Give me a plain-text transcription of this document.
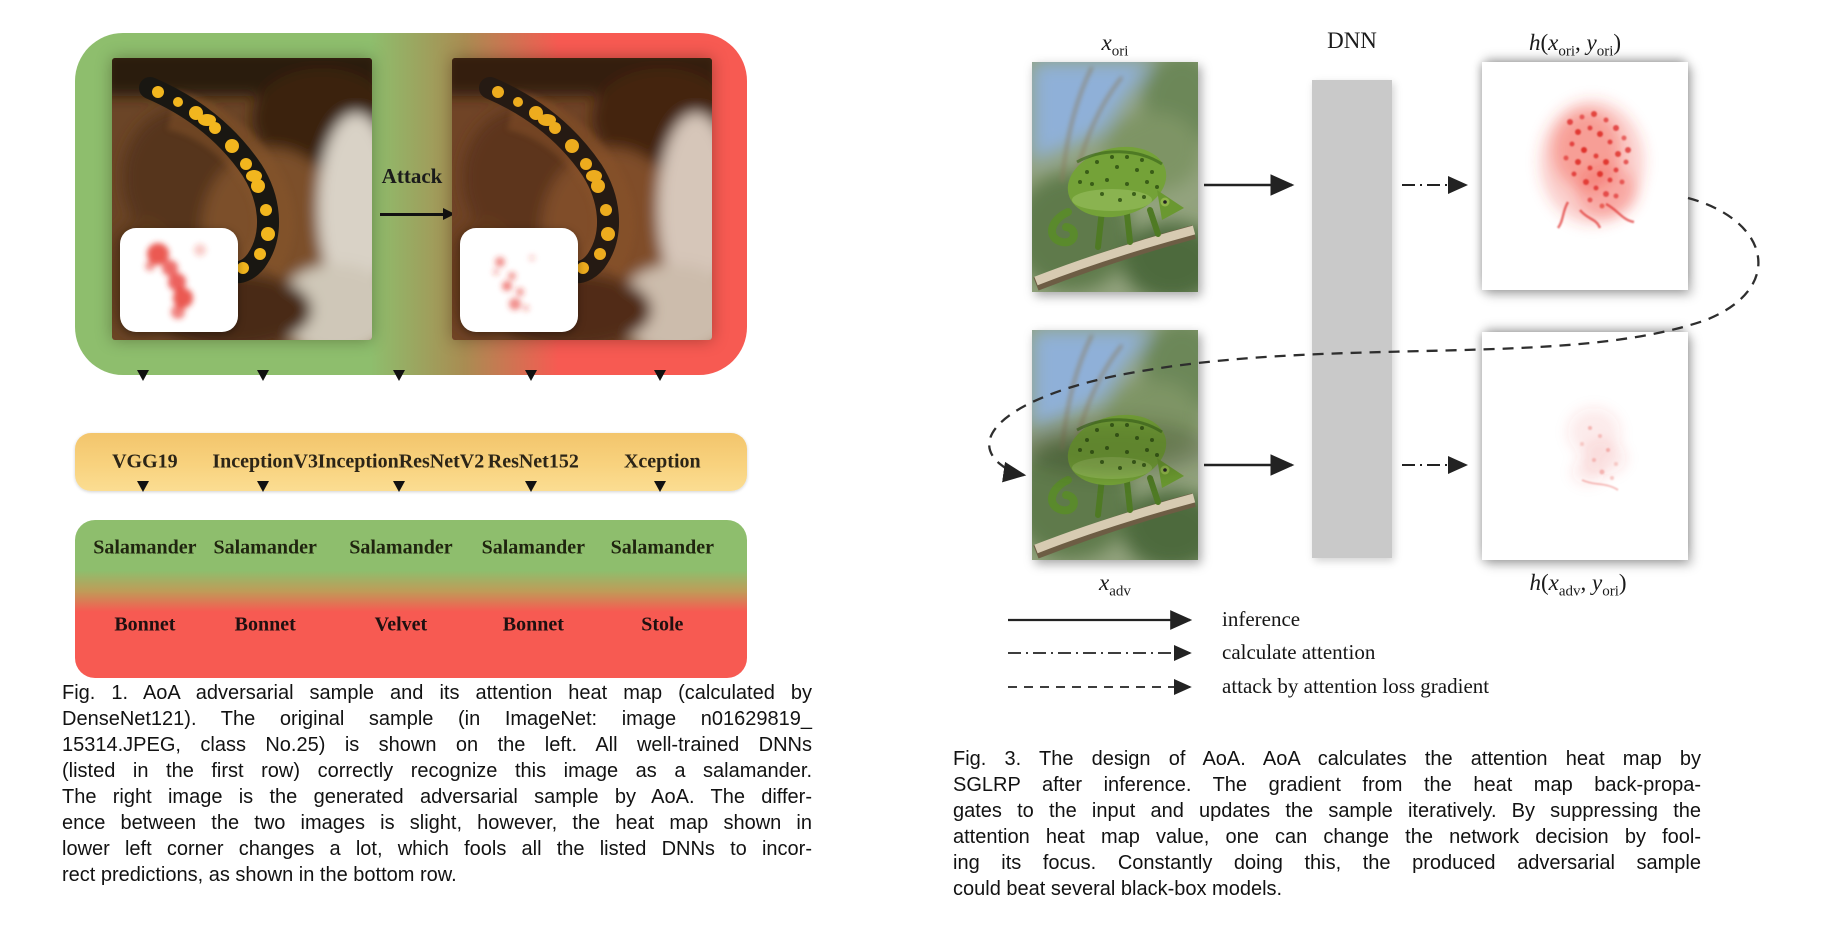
Attack
VGG19 InceptionV3 InceptionResNetV2 ResNet152 Xception
Salamander Salamander Salamander Salamander Salamander
Bonnet	Bonnet	Velvet	Bonnet	Stole
Fig. 1. AoA adversarial sample and its attention heat map (calculated by
DenseNet121). The original sample (in ImageNet: image n01629819_
15314.JPEG, class No.25) is shown on the left. All well-trained DNNs
(listed in the first row) correctly recognize this image as a salamander.
The right image is the generated adversarial sample by AoA. The differ-
ence between the two images is slight, however, the heat map shown in
lower left corner changes a lot, which fools all the listed DNNs to incor-
rect predictions, as shown in the bottom row.
$x_{ori}$	DNN	$h(x_{ori}$, $y_{ori}$)
$x_{adv}$	$h(x_{adv}$, $y_{ori}$)
inference
calculate attention
attack by attention loss gradient
Fig. 3. The design of AoA. AoA calculates the attention heat map by
SGLRP after inference. The gradient from the heat map back-propa-
gates to the input and updates the sample iteratively. By suppressing the
attention heat map value, one can change the network decision by fool-
ing its focus. Constantly doing this, the produced adversarial sample
could beat several black-box models.
